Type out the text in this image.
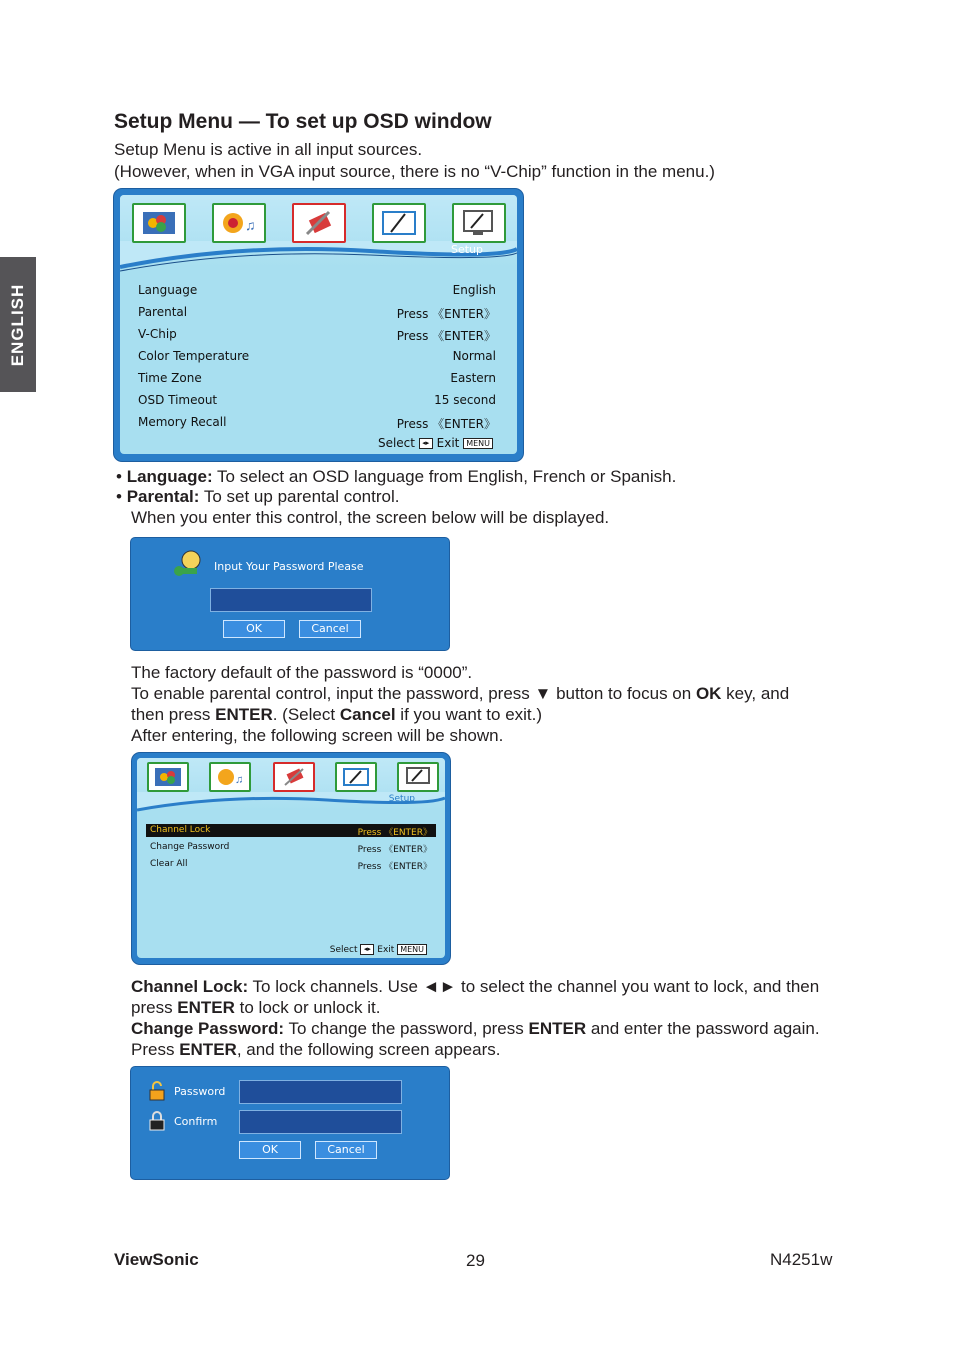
ENGLISH
Setup Menu — To set up OSD window
Setup Menu is active in all input sources.
(However, when in VGA input source, there is no “V-Chip” function in the menu.)
Setup
♫
Language	English
Parental	Press 《ENTER》
V-Chip	Press 《ENTER》
Color Temperature	Normal
Time Zone	Eastern
OSD Timeout	15 second
Memory Recall	Press 《ENTER》
Select ◂▸ Exit MENU
• Language: To select an OSD language from English, French or Spanish.
• Parental: To set up parental control.
When you enter this control, the screen below will be displayed.
Input Your Password Please
OK	Cancel
The factory default of the password is “0000”.
To enable parental control, input the password, press ▼ button to focus on OK key, and
then press ENTER. (Select Cancel if you want to exit.)
After entering, the following screen will be shown.
Setup
♫
Channel Lock	Press 《ENTER》
Change Password	Press 《ENTER》
Clear All	Press 《ENTER》
Select ◂▸ Exit MENU
Channel Lock: To lock channels. Use ◄► to select the channel you want to lock, and then
press ENTER to lock or unlock it.
Change Password: To change the password, press ENTER and enter the password again.
Press ENTER, and the following screen appears.
Password
Confirm
OK	Cancel
ViewSonic	29	N4251w
